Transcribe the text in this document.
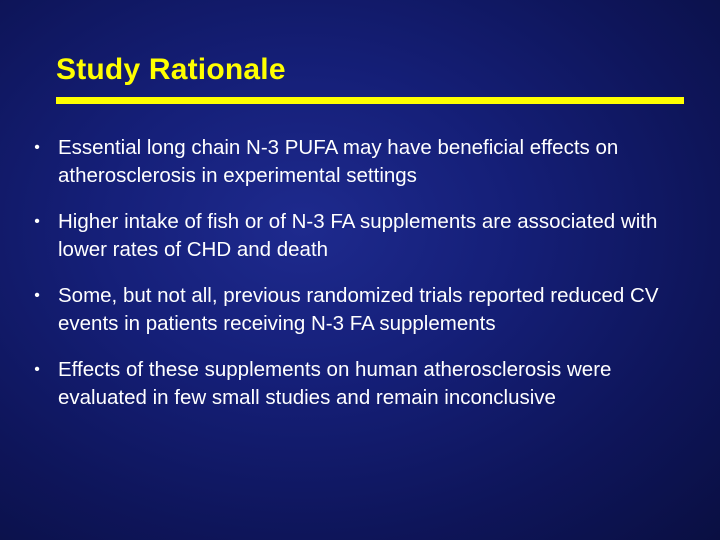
Study Rationale
• Essential long chain N-3 PUFA may have beneficial effects on atherosclerosis in experimental settings
• Higher intake of fish or of N-3 FA supplements are associated with lower rates of CHD and death
• Some, but not all, previous randomized trials reported reduced CV events in patients receiving N-3 FA supplements
• Effects of these supplements on human atherosclerosis were evaluated in few small studies and remain inconclusive
